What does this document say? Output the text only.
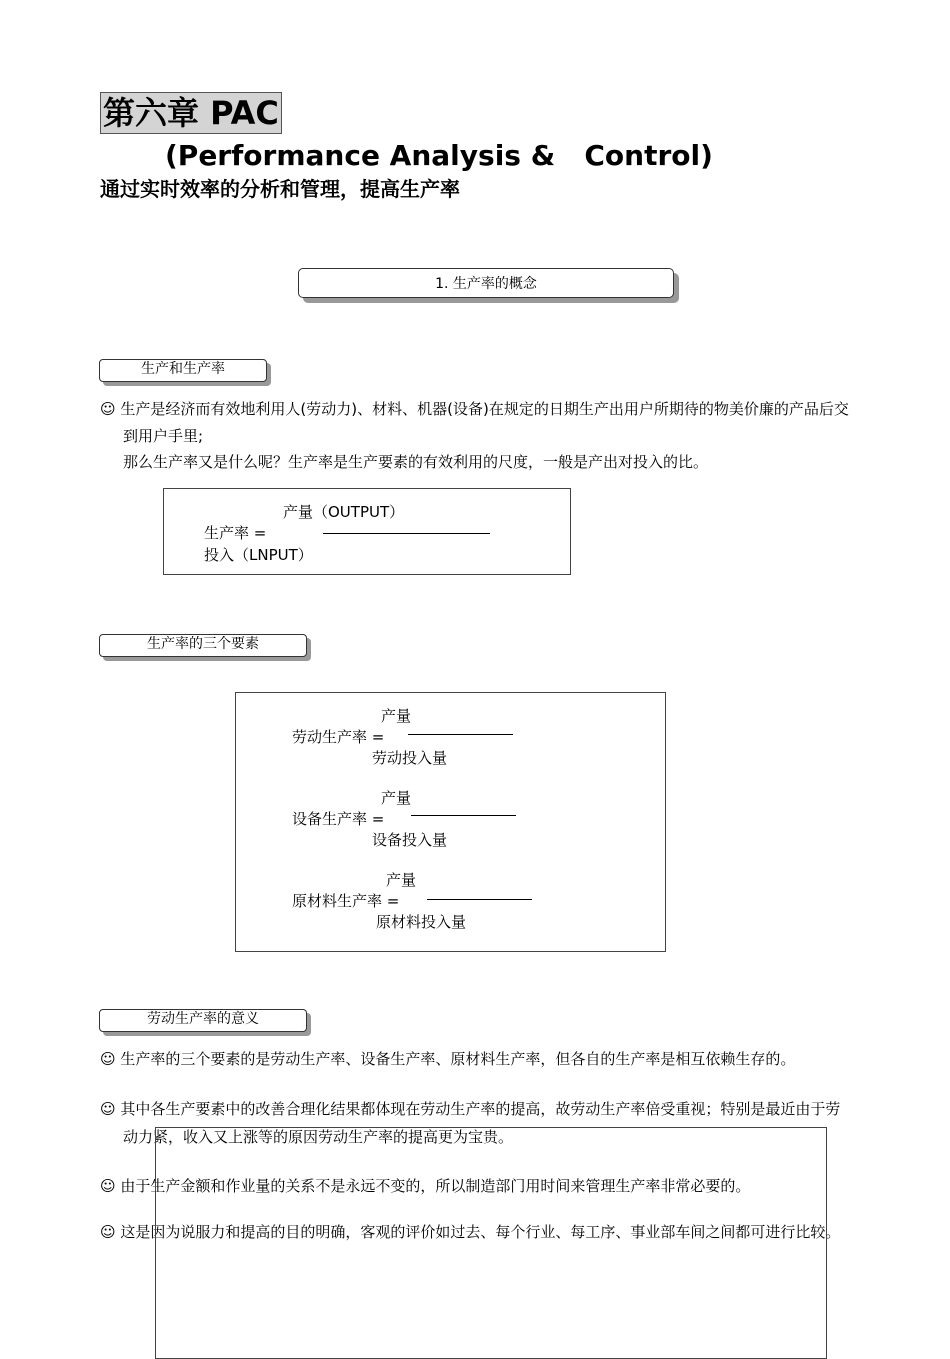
第六章 PAC
(Performance Analysis &   Control)
通过实时效率的分析和管理，提高生产率
1. 生产率的概念
生产和生产率
☺ 生产是经济而有效地利用人(劳动力)、材料、机器(设备)在规定的日期生产出用户所期待的物美价廉的产品后交
到用户手里;
那么生产率又是什么呢？生产率是生产要素的有效利用的尺度，一般是产出对投入的比。
产量（OUTPUT）
生产率 =
投入（LNPUT）
生产率的三个要素
产量
劳动生产率 =
劳动投入量
产量
设备生产率 =
设备投入量
产量
原材料生产率 =
原材料投入量
劳动生产率的意义
☺ 生产率的三个要素的是劳动生产率、设备生产率、原材料生产率，但各自的生产率是相互依赖生存的。
☺ 其中各生产要素中的改善合理化结果都体现在劳动生产率的提高，故劳动生产率倍受重视；特别是最近由于劳
动力紧，收入又上涨等的原因劳动生产率的提高更为宝贵。
☺ 由于生产金额和作业量的关系不是永远不变的，所以制造部门用时间来管理生产率非常必要的。
☺ 这是因为说服力和提高的目的明确，客观的评价如过去、每个行业、每工序、事业部车间之间都可进行比较。
